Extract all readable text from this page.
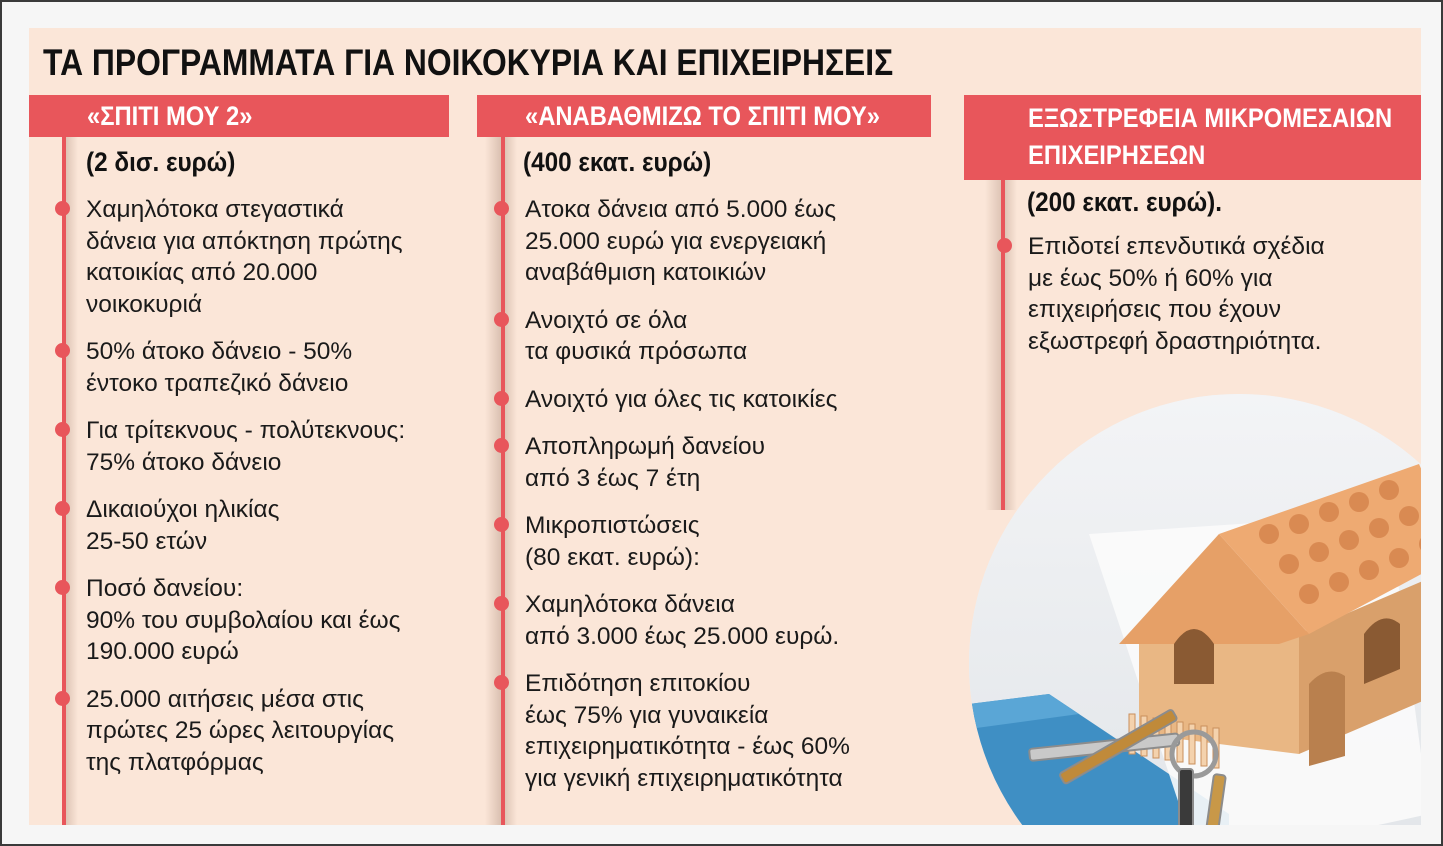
ΤΑ ΠΡΟΓΡΑΜΜΑΤΑ ΓΙΑ ΝΟΙΚΟΚΥΡΙΑ ΚΑΙ ΕΠΙΧΕΙΡΗΣΕΙΣ
«ΣΠΙΤΙ ΜΟΥ 2»
(2 δισ. ευρώ)
Χαμηλότοκα στεγαστικά
δάνεια για απόκτηση πρώτης
κατοικίας από 20.000
νοικοκυριά
50% άτοκο δάνειο - 50%
έντοκο τραπεζικό δάνειο
Για τρίτεκνους - πολύτεκνους:
75% άτοκο δάνειο
Δικαιούχοι ηλικίας
25-50 ετών
Ποσό δανείου:
90% του συμβολαίου και έως
190.000 ευρώ
25.000 αιτήσεις μέσα στις
πρώτες 25 ώρες λειτουργίας
της πλατφόρμας
«ΑΝΑΒΑΘΜΙΖΩ ΤΟ ΣΠΙΤΙ ΜΟΥ»
(400 εκατ. ευρώ)
Ατοκα δάνεια από 5.000 έως
25.000 ευρώ για ενεργειακή
αναβάθμιση κατοικιών
Ανοιχτό σε όλα
τα φυσικά πρόσωπα
Ανοιχτό για όλες τις κατοικίες
Αποπληρωμή δανείου
από 3 έως 7 έτη
Μικροπιστώσεις
(80 εκατ. ευρώ):
Χαμηλότοκα δάνεια
από 3.000 έως 25.000 ευρώ.
Επιδότηση επιτοκίου
έως 75% για γυναικεία
επιχειρηματικότητα - έως 60%
για γενική επιχειρηματικότητα
ΕΞΩΣΤΡΕΦΕΙΑ ΜΙΚΡΟΜΕΣΑΙΩΝ
ΕΠΙΧΕΙΡΗΣΕΩΝ
(200 εκατ. ευρώ).
Επιδοτεί επενδυτικά σχέδια
με έως 50% ή 60% για
επιχειρήσεις που έχουν
εξωστρεφή δραστηριότητα.
